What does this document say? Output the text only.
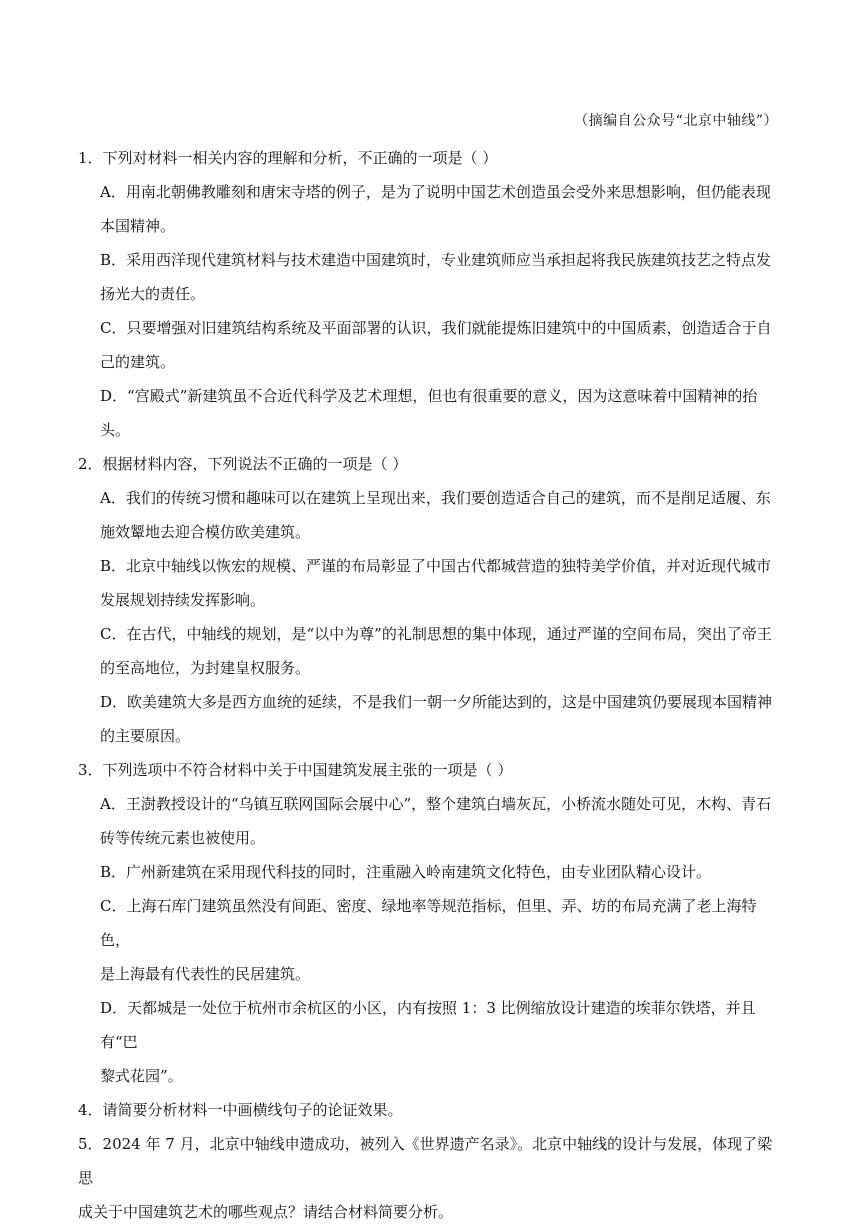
（摘编自公众号“北京中轴线”）

1．下列对材料一相关内容的理解和分析，不正确的一项是（ ）

A．用南北朝佛教雕刻和唐宋寺塔的例子，是为了说明中国艺术创造虽会受外来思想影响，但仍能表现
本国精神。
B．采用西洋现代建筑材料与技术建造中国建筑时，专业建筑师应当承担起将我民族建筑技艺之特点发
扬光大的责任。
C．只要增强对旧建筑结构系统及平面部署的认识，我们就能提炼旧建筑中的中国质素，创造适合于自
己的建筑。
D．“宫殿式”新建筑虽不合近代科学及艺术理想，但也有很重要的意义，因为这意味着中国精神的抬头。

2．根据材料内容，下列说法不正确的一项是（ ）

A．我们的传统习惯和趣味可以在建筑上呈现出来，我们要创造适合自己的建筑，而不是削足适履、东
施效颦地去迎合模仿欧美建筑。
B．北京中轴线以恢宏的规模、严谨的布局彰显了中国古代都城营造的独特美学价值，并对近现代城市
发展规划持续发挥影响。
C．在古代，中轴线的规划，是“以中为尊”的礼制思想的集中体现，通过严谨的空间布局，突出了帝王
的至高地位，为封建皇权服务。
D．欧美建筑大多是西方血统的延续，不是我们一朝一夕所能达到的，这是中国建筑仍要展现本国精神
的主要原因。

3．下列选项中不符合材料中关于中国建筑发展主张的一项是（ ）

A．王澍教授设计的“乌镇互联网国际会展中心”，整个建筑白墙灰瓦，小桥流水随处可见，木构、青石
砖等传统元素也被使用。
B．广州新建筑在采用现代科技的同时，注重融入岭南建筑文化特色，由专业团队精心设计。
C．上海石库门建筑虽然没有间距、密度、绿地率等规范指标，但里、弄、坊的布局充满了老上海特色，
是上海最有代表性的民居建筑。
D．天都城是一处位于杭州市余杭区的小区，内有按照 1：3 比例缩放设计建造的埃菲尔铁塔，并且有“巴
黎式花园”。

4．请简要分析材料一中画横线句子的论证效果。

5．2024 年 7 月，北京中轴线申遗成功，被列入《世界遗产名录》。北京中轴线的设计与发展，体现了梁思

成关于中国建筑艺术的哪些观点？请结合材料简要分析。
